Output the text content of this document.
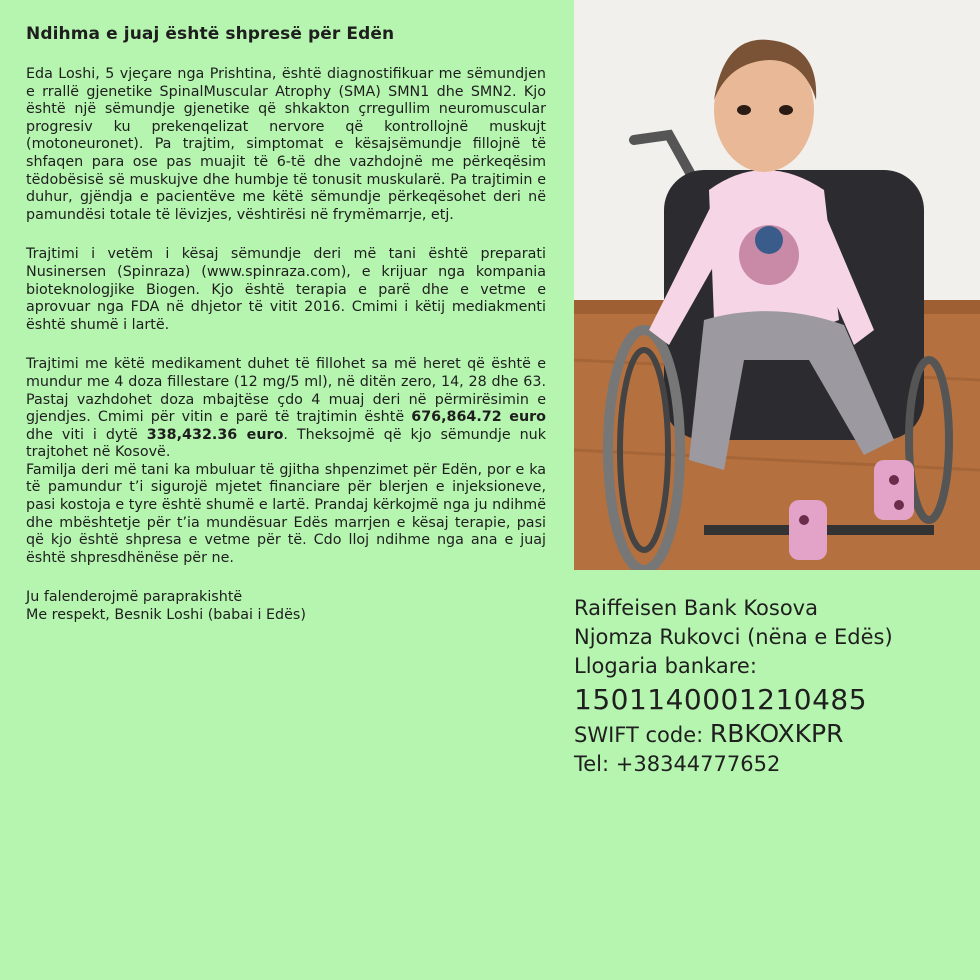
Ndihma e juaj është shpresë për Edën

Eda Loshi, 5 vjeçare nga Prishtina, është diagnostifikuar me sëmundjen e rrallë gjenetike SpinalMuscular Atrophy (SMA) SMN1 dhe SMN2. Kjo është një sëmundje gjenetike që shkakton çrregullim neuromuscular progresiv ku prekenqelizat nervore që kontrollojnë muskujt (motoneuronet). Pa trajtim, simptomat e kësajsëmundje fillojnë të shfaqen para ose pas muajit të 6-të dhe vazhdojnë me përkeqësim tëdobësisë së muskujve dhe humbje të tonusit muskularë. Pa trajtimin e duhur, gjëndja e pacientëve me këtë sëmundje përkeqësohet deri në pamundësi totale të lëvizjes, vështirësi në frymëmarrje, etj.

Trajtimi i vetëm i kësaj sëmundje deri më tani është preparati Nusinersen (Spinraza) (www.spinraza.com), e krijuar nga kompania bioteknologjike Biogen. Kjo është terapia e parë dhe e vetme e aprovuar nga FDA në dhjetor të vitit 2016. Cmimi i këtij mediakmenti është shumë i lartë.

Trajtimi me këtë medikament duhet të fillohet sa më heret që është e mundur me 4 doza fillestare (12 mg/5 ml), në ditën zero, 14, 28 dhe 63. Pastaj vazhdohet doza mbajtëse çdo 4 muaj deri në përmirësimin e gjendjes. Cmimi për vitin e parë të trajtimin është 676,864.72 euro dhe viti i dytë 338,432.36 euro. Theksojmë që kjo sëmundje nuk trajtohet në Kosovë.

Familja deri më tani ka mbuluar të gjitha shpenzimet për Edën, por e ka të pamundur t’i sigurojë mjetet financiare për blerjen e injeksioneve, pasi kostoja e tyre është shumë e lartë. Prandaj kërkojmë nga ju ndihmë dhe mbështetje për t’ia mundësuar Edës marrjen e kësaj terapie, pasi që kjo është shpresa e vetme për të. Cdo lloj ndihme nga ana e juaj është shpresdhënëse për ne.

Ju falenderojmë paraprakishtë
Me respekt, Besnik Loshi (babai i Edës)	Raiffeisen Bank Kosova
Njomza Rukovci (nëna e Edës)
Llogaria bankare:
1501140001210485
SWIFT code: RBKOXKPR
Tel: +38344777652
